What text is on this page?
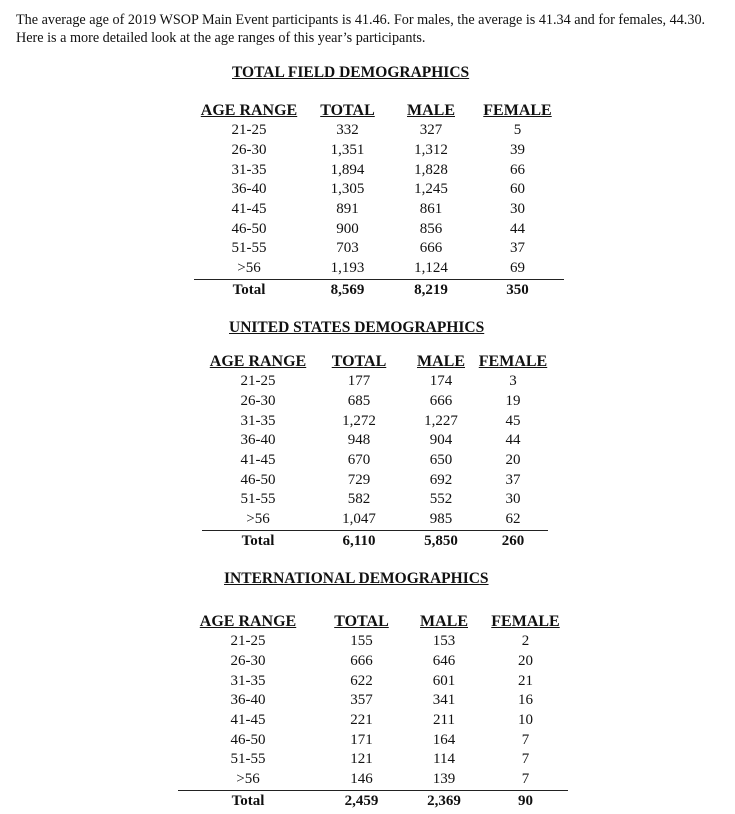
The average age of 2019 WSOP Main Event participants is 41.46. For males, the average is 41.34 and for females, 44.30. Here is a more detailed look at the age ranges of this year’s participants.

TOTAL FIELD DEMOGRAPHICS
AGE RANGE	TOTAL	MALE	FEMALE
21-25	332	327	5
26-30	1,351	1,312	39
31-35	1,894	1,828	66
36-40	1,305	1,245	60
41-45	891	861	30
46-50	900	856	44
51-55	703	666	37
>56	1,193	1,124	69
Total	8,569	8,219	350
UNITED STATES DEMOGRAPHICS
AGE RANGE	TOTAL	MALE	FEMALE
21-25	177	174	3
26-30	685	666	19
31-35	1,272	1,227	45
36-40	948	904	44
41-45	670	650	20
46-50	729	692	37
51-55	582	552	30
>56	1,047	985	62
Total	6,110	5,850	260
INTERNATIONAL DEMOGRAPHICS
AGE RANGE	TOTAL	MALE	FEMALE
21-25	155	153	2
26-30	666	646	20
31-35	622	601	21
36-40	357	341	16
41-45	221	211	10
46-50	171	164	7
51-55	121	114	7
>56	146	139	7
Total	2,459	2,369	90
